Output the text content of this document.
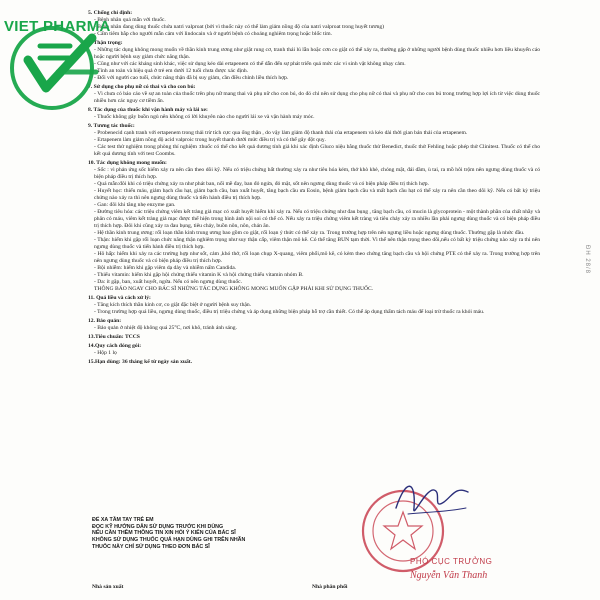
VIET PHARMA
5. Chống chỉ định:
- Bệnh nhân quá mẫn với thuốc.
- Bệnh nhân đang dùng thuốc chứa natri valproat (bởi vì thuốc này có thể làm giảm nồng độ của natri valproat trong huyết tương)
- Cấm tiêm bắp cho người mẫn cảm với lindocain và ở người bệnh có choáng nghiêm trọng hoặc blốc tim.
6. Thận trọng:
- Những tác dụng không mong muốn về thần kinh trung ương như giật rung cơ, tranh thái lú lẫn hoặc cơn co giật có thể xảy ra, thường gặp ở những người bệnh dùng thuốc nhiều hơn liều khuyến cáo hoặc người bệnh suy giảm chức năng thận.
- Cũng như với các kháng sinh khác, việc sử dụng kéo dài ertapenem có thể dẫn đến sự phát triển quá mức các vi sinh vật không nhạy cảm.
- Tính an toàn và hiệu quả ở trẻ em dưới 12 tuổi chưa được xác định.
- Đối với người cao tuổi, chức năng thận đã bị suy giảm, cần điều chỉnh liều thích hợp.
7. Sử dụng cho phụ nữ có thai và cho con bú:
- Vì chưa có báo cáo về sự an toàn của thuốc trên phụ nữ mang thai và phụ nữ cho con bú, do đó chỉ nên sử dụng cho phụ nữ có thai và phụ nữ cho con bú trong trường hợp lợi ích từ việc dùng thuốc nhiều hơn các nguy cơ tiềm ẩn.
8. Tác dụng của thuốc khi vận hành máy và lái xe:
- Thuốc không gây buồn ngủ nên không có lời khuyên nào cho người lái xe và vận hành máy móc.
9. Tương tác thuốc:
- Probenecid cạnh tranh với ertapenem trong thải trừ tích cực qua ống thận , do vậy làm giảm độ thanh thải của ertapenem và kéo dài thời gian bán thải của ertapenem.
- Ertapenem làm giảm nồng độ acid valproic trong huyết thanh dưới mức điều trị và có thể gây đột quỵ.
- Các test thử nghiệm trong phòng thí nghiệm :thuốc có thể cho kết quả dương tính giả khi xác định Gluco niệu bằng thuốc thử Benedict, thuốc thử Fehling hoặc phép thử Clinitest. Thuốc có thể cho kết quả dương tính với test Coombs.
10. Tác dụng không mong muốn:
- Sốc : vì phản ứng sốc hiếm xảy ra nên cần theo dõi kỹ. Nếu có triệu chứng bất thường xảy ra như tiêu hóa kém, thở khò khè, chóng mặt, đái dầm, ù tai, ra mồ hôi trộm nên ngưng dùng thuốc và có biện pháp điều trị thích hợp.
- Quá mẫn:đôi khi có triệu chứng xảy ra như phát ban, nổi mề đay, ban đỏ ngứa, đỏ mặt, sốt nên ngưng dùng thuốc và có biện pháp điều trị thích hợp.
- Huyết học: thiếu máu, giảm bạch cầu hạt, giảm bạch cầu, ban xuất huyết, tăng bạch cầu ưa Eosin, bệnh giảm bạch cầu và mất bạch cầu hạt có thể xảy ra nên cần theo dõi kỹ. Nếu có bất kỳ triệu chứng nào xảy ra thì nên ngưng dùng thuốc và tiến hành điều trị thích hợp.
- Gan: đôi khi tăng nhẹ enzyme gan.
- Đường tiêu hóa: các triệu chứng viêm kết tràng giả mạc có xuất huyết hiếm khi xảy ra. Nếu có triệu chứng như đau bụng , tăng bạch cầu, có mucin là glycoprotein - một thành phần của chất nhầy và phân có máu, viêm kết tràng giả mạc được thể hiện trong hình ảnh nội soi có thể có. Nếu xảy ra triệu chứng viêm kết tràng và tiêu chảy xảy ra nhiều lần phải ngưng dùng thuốc và có biện pháp điều trị thích hợp. Đôi khi cũng xảy ra đau bụng, tiêu chảy, buồn nôn, nôn, chán ăn.
- Hệ thần kinh trung ương: rối loạn thần kinh trung ương bao gồm co giật, rối loạn ý thức có thể xảy ra. Trong trường hợp trên nên ngưng liều hoặc ngưng dùng thuốc. Thường gặp là nhức đầu.
- Thận: hiếm khi gặp rối loạn chức năng thận nghiêm trọng như suy thận cấp, viêm thận mô kẽ. Có thể tăng BUN tạm thời. Vì thế nên thận trọng theo dõi,nếu có bất kỳ triệu chứng nào xảy ra thì nên ngưng dùng thuốc và tiến hành điều trị thích hợp.
- Hô hấp: hiếm khi xảy ra các trường hợp như sốt, cảm ,khó thở, rối loạn chụp X-quang, viêm phổi,mô kẽ, có kèm theo chứng tăng bạch cầu và hội chứng PTE có thể xảy ra. Trong trường hợp trên nên ngưng dùng thuốc và có biện pháp điều trị thích hợp.
- Bội nhiễm: hiếm khi gặp viêm dạ dày và nhiễm nấm Candida.
- Thiếu vitamin: hiếm khi gặp hội chứng thiếu vitamin K và hội chứng thiếu vitamin nhóm B.
- Da: ít gặp, ban, xuất huyết, ngứa. Nếu có nên ngưng dùng thuốc.
THÔNG BÁO NGAY CHO BÁC SĨ NHỮNG TÁC DỤNG KHÔNG MONG MUỐN GẶP PHẢI KHI SỬ DỤNG THUỐC.
11. Quá liều và cách xử lý:
- Tăng kích thích thần kinh cơ, co giật đặc biệt ở người bệnh suy thận.
- Trong trường hợp quá liều, ngưng dùng thuốc, điều trị triệu chứng và áp dụng những biện pháp hỗ trợ cần thiết. Có thể áp dụng thẩm tách máu để loại trừ thuốc ra khỏi máu.
12. Bảo quản:
- Bảo quản ở nhiệt độ không quá 25°C, nơi khô, tránh ánh sáng.
13.Tiêu chuẩn: TCCS
14.Quy cách đóng gói:
- Hộp 1 lọ
15.Hạn dùng: 36 tháng kể từ ngày sản xuất.
ĐH 28/8
ĐỂ XA TẦM TAY TRẺ EM
ĐỌC KỸ HƯỚNG DẪN SỬ DỤNG TRƯỚC KHI DÙNG
NẾU CẦN THÊM THÔNG TIN XIN HỎI Ý KIẾN CỦA BÁC SĨ
KHÔNG SỬ DỤNG THUỐC QUÁ HẠN DÙNG GHI TRÊN NHÃN
THUỐC NÀY CHỈ SỬ DỤNG THEO ĐƠN BÁC SĨ
PHÓ CỤC TRƯỞNG
Nguyễn Văn Thanh
Nhà sản xuất	Nhà phân phối
